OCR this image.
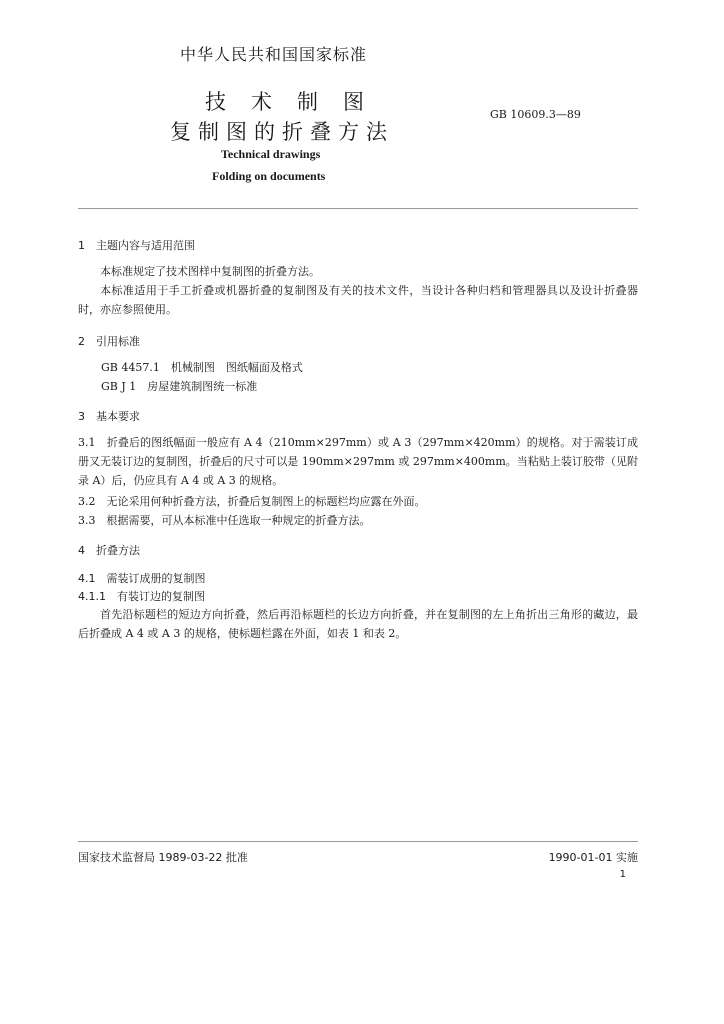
中华人民共和国国家标准
技术制图
复制图的折叠方法
GB 10609.3—89
Technical drawings
Folding on documents
1　主题内容与适用范围
本标准规定了技术图样中复制图的折叠方法。
本标准适用于手工折叠或机器折叠的复制图及有关的技术文件，当设计各种归档和管理器具以及设计折叠器时，亦应参照使用。
2　引用标准
GB 4457.1　机械制图　图纸幅面及格式
GB J 1　房屋建筑制图统一标准
3　基本要求
3.1　折叠后的图纸幅面一般应有 A 4（210mm×297mm）或 A 3（297mm×420mm）的规格。对于需装订成册又无装订边的复制图，折叠后的尺寸可以是 190mm×297mm 或 297mm×400mm。当粘贴上装订胶带（见附录 A）后，仍应具有 A 4 或 A 3 的规格。
3.2　无论采用何种折叠方法，折叠后复制图上的标题栏均应露在外面。
3.3　根据需要，可从本标准中任选取一种规定的折叠方法。
4　折叠方法
4.1　需装订成册的复制图
4.1.1　有装订边的复制图
首先沿标题栏的短边方向折叠，然后再沿标题栏的长边方向折叠，并在复制图的左上角折出三角形的藏边，最后折叠成 A 4 或 A 3 的规格，使标题栏露在外面，如表 1 和表 2。
国家技术监督局 1989-03-22 批准	1990-01-01 实施
1
